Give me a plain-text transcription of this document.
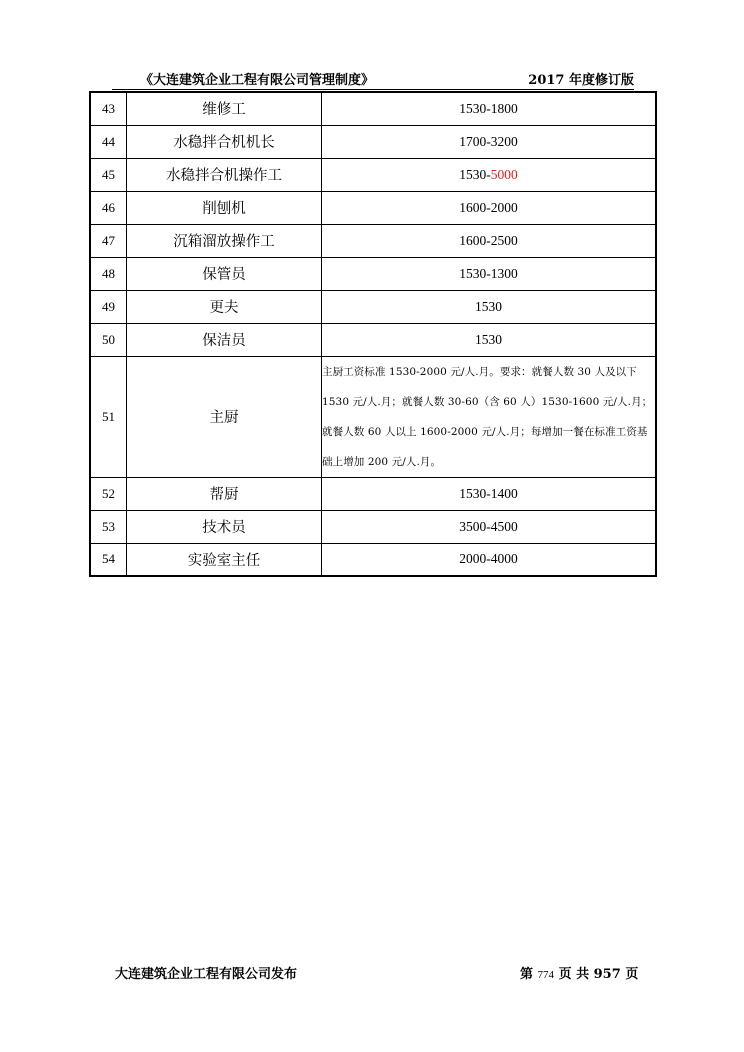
《大连建筑企业工程有限公司管理制度》	2017 年度修订版
43	维修工	1530-1800
44	水稳拌合机机长	1700-3200
45	水稳拌合机操作工	1530-5000
46	削刨机	1600-2000
47	沉箱溜放操作工	1600-2500
48	保管员	1530-1300
49	更夫	1530
50	保洁员	1530
51	主厨	主厨工资标准 1530-2000 元/人.月。要求：就餐人数 30 人及以下 1530 元/人.月；就餐人数 30-60（含 60 人）1530-1600 元/人.月；就餐人数 60 人以上 1600-2000 元/人.月；每增加一餐在标准工资基础上增加 200 元/人.月。
52	帮厨	1530-1400
53	技术员	3500-4500
54	实验室主任	2000-4000
大连建筑企业工程有限公司发布	第 774 页 共 957 页
